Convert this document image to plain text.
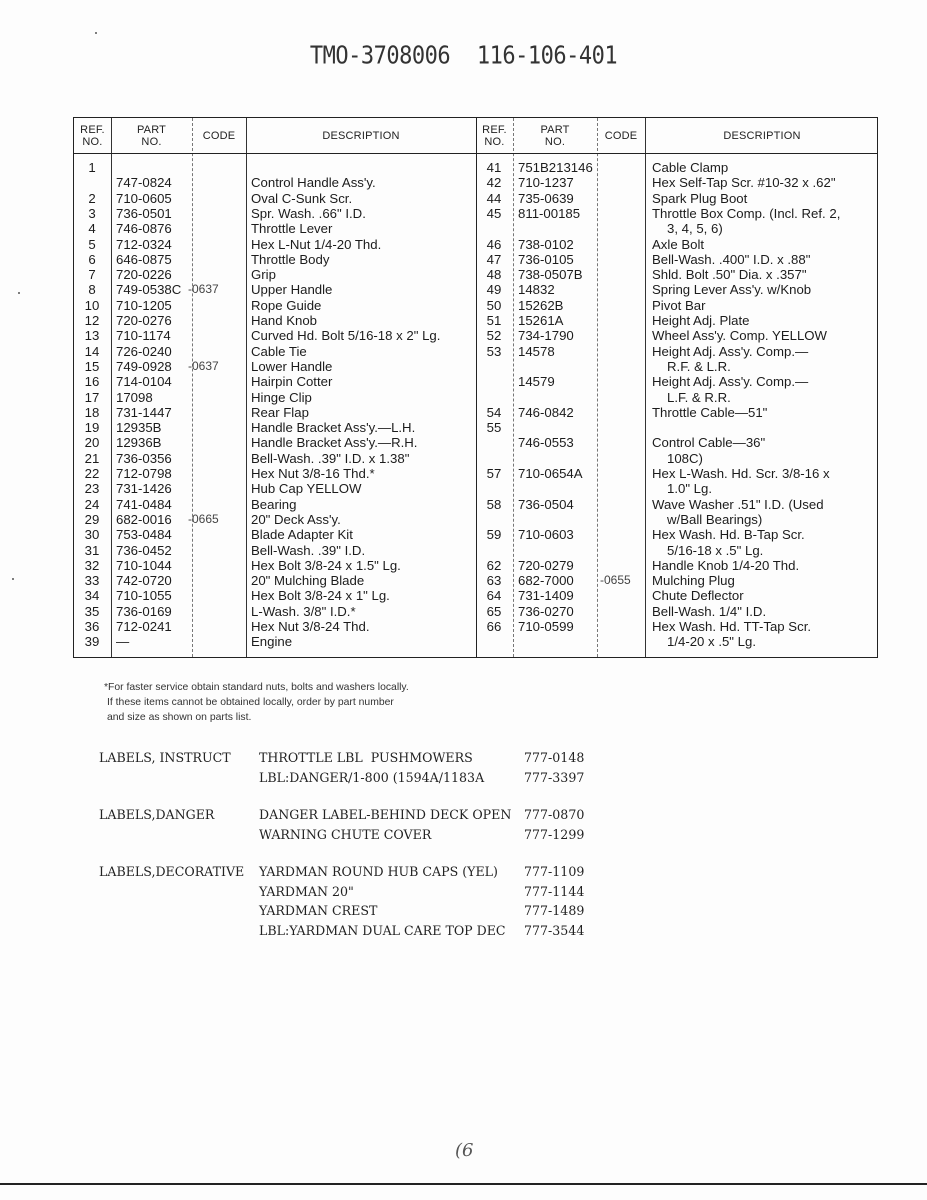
TMO-3708006 116-106-401
REF.
NO.
PART
NO.	CODE	DESCRIPTION	REF.
NO.
PART
NO.	CODE	DESCRIPTION
1
747-0824	Control Handle Ass'y.
2	710-0605	Oval C-Sunk Scr.
3	736-0501	Spr. Wash. .66" I.D.
4	746-0876	Throttle Lever
5	712-0324	Hex L-Nut 1/4-20 Thd.
6	646-0875	Throttle Body
7	720-0226	Grip
8	749-0538C -0637 Upper Handle
10	710-1205	Rope Guide
12	720-0276	Hand Knob
13	710-1174	Curved Hd. Bolt 5/16-18 x 2" Lg.
14	726-0240	Cable Tie
15	749-0928 -0637 Lower Handle
16	714-0104	Hairpin Cotter
17	17098	Hinge Clip
18	731-1447	Rear Flap
19	12935B	Handle Bracket Ass'y.—L.H.
20	12936B	Handle Bracket Ass'y.—R.H.
21	736-0356	Bell-Wash. .39" I.D. x 1.38"
22	712-0798	Hex Nut 3/8-16 Thd.*
23	731-1426	Hub Cap YELLOW
24	741-0484	Bearing
29	682-0016 -0665 20" Deck Ass'y.
30	753-0484	Blade Adapter Kit
31	736-0452	Bell-Wash. .39" I.D.
32	710-1044	Hex Bolt 3/8-24 x 1.5" Lg.
33	742-0720	20" Mulching Blade
34	710-1055	Hex Bolt 3/8-24 x 1" Lg.
35	736-0169	L-Wash. 3/8" I.D.*
36	712-0241	Hex Nut 3/8-24 Thd.
39	—	Engine
41	751B213146	Cable Clamp
42	710-1237	Hex Self-Tap Scr. #10-32 x .62"
44	735-0639	Spark Plug Boot
45	811-00185	Throttle Box Comp. (Incl. Ref. 2,
3, 4, 5, 6)
46	738-0102	Axle Bolt
47	736-0105	Bell-Wash. .400" I.D. x .88"
48	738-0507B	Shld. Bolt .50" Dia. x .357"
49	14832	Spring Lever Ass'y. w/Knob
50	15262B	Pivot Bar
51	15261A	Height Adj. Plate
52	734-1790	Wheel Ass'y. Comp. YELLOW
53	14578	Height Adj. Ass'y. Comp.—
R.F. & L.R.
14579	Height Adj. Ass'y. Comp.—
L.F. & R.R.
54	746-0842	Throttle Cable—51"
55
746-0553	Control Cable—36"
108C)
57	710-0654A	Hex L-Wash. Hd. Scr. 3/8-16 x
1.0" Lg.
58	736-0504	Wave Washer .51" I.D. (Used
w/Ball Bearings)
59	710-0603	Hex Wash. Hd. B-Tap Scr.
5/16-18 x .5" Lg.
62	720-0279	Handle Knob 1/4-20 Thd.
63	682-7000 -0655 Mulching Plug
64	731-1409	Chute Deflector
65	736-0270	Bell-Wash. 1/4" I.D.
66	710-0599	Hex Wash. Hd. TT-Tap Scr.
1/4-20 x .5" Lg.
*For faster service obtain standard nuts, bolts and washers locally.
If these items cannot be obtained locally, order by part number
and size as shown on parts list.
LABELS, INSTRUCT THROTTLE LBL  PUSHMOWERS	777-0148
LBL:DANGER/1-800 (1594A/1183A	777-3397
LABELS,DANGER	DANGER LABEL-BEHIND DECK OPEN 777-0870
WARNING CHUTE COVER	777-1299
LABELS,DECORATIVE YARDMAN ROUND HUB CAPS (YEL) 777-1109
YARDMAN 20"	777-1144
YARDMAN CREST	777-1489
LBL:YARDMAN DUAL CARE TOP DEC 777-3544
(6
